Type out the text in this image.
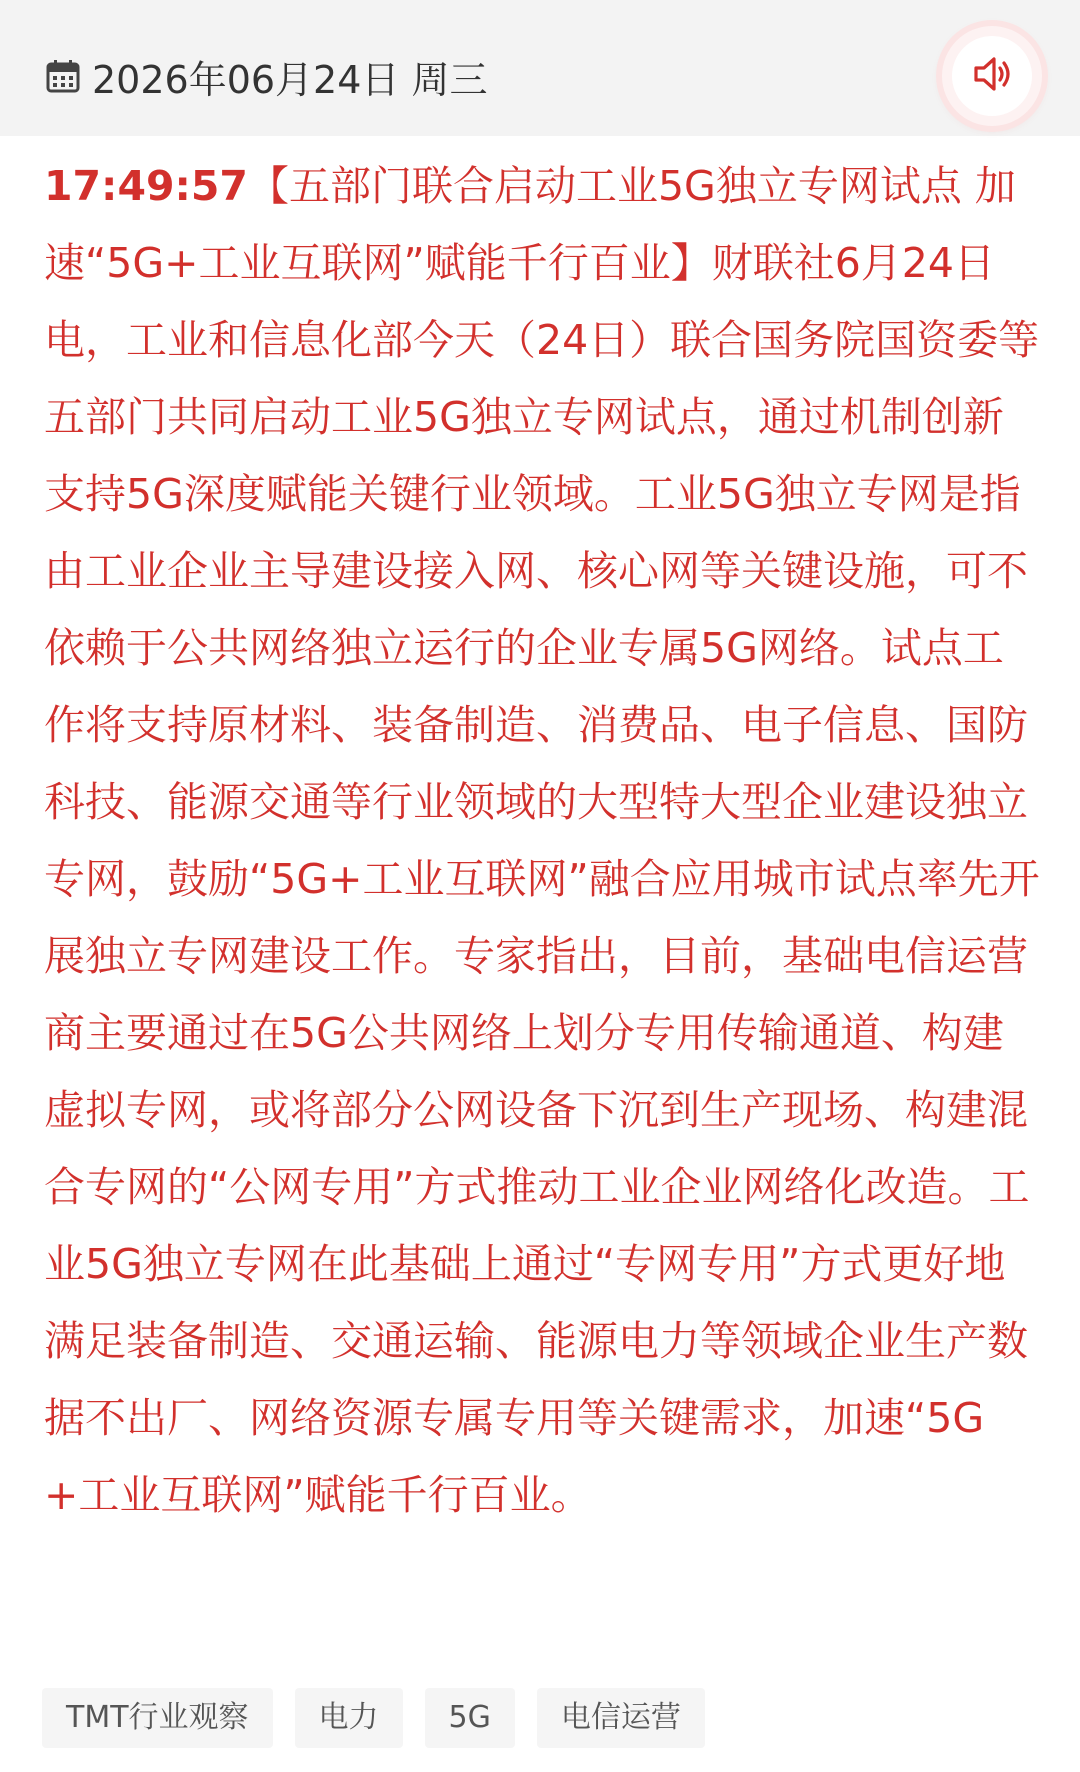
2026年06月24日 周三
17:49:57【五部门联合启动工业5G独立专网试点 加速“5G+工业互联网”赋能千行百业】财联社6月24日电，工业和信息化部今天（24日）联合国务院国资委等五部门共同启动工业5G独立专网试点，通过机制创新支持5G深度赋能关键行业领域。工业5G独立专网是指由工业企业主导建设接入网、核心网等关键设施，可不依赖于公共网络独立运行的企业专属5G网络。试点工作将支持原材料、装备制造、消费品、电子信息、国防科技、能源交通等行业领域的大型特大型企业建设独立专网，鼓励“5G+工业互联网”融合应用城市试点率先开展独立专网建设工作。专家指出，目前，基础电信运营商主要通过在5G公共网络上划分专用传输通道、构建虚拟专网，或将部分公网设备下沉到生产现场、构建混合专网的“公网专用”方式推动工业企业网络化改造。工业5G独立专网在此基础上通过“专网专用”方式更好地满足装备制造、交通运输、能源电力等领域企业生产数据不出厂、网络资源专属专用等关键需求，加速“5G+工业互联网”赋能千行百业。
TMT行业观察	电力	5G	电信运营
